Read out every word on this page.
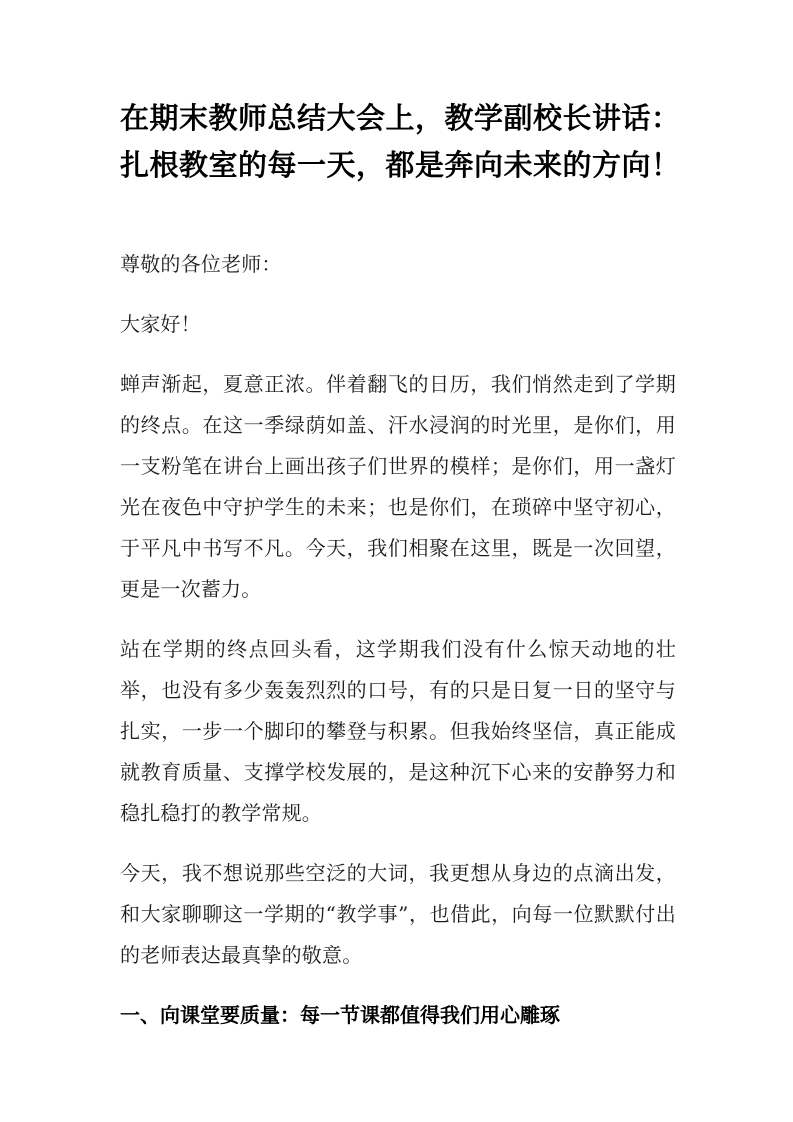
在期末教师总结大会上，教学副校长讲话：
扎根教室的每一天，都是奔向未来的方向！

尊敬的各位老师：

大家好！

蝉声渐起，夏意正浓。伴着翻飞的日历，我们悄然走到了学期的终点。在这一季绿荫如盖、汗水浸润的时光里，是你们，用一支粉笔在讲台上画出孩子们世界的模样；是你们，用一盏灯光在夜色中守护学生的未来；也是你们，在琐碎中坚守初心，于平凡中书写不凡。今天，我们相聚在这里，既是一次回望，更是一次蓄力。

站在学期的终点回头看，这学期我们没有什么惊天动地的壮举，也没有多少轰轰烈烈的口号，有的只是日复一日的坚守与扎实，一步一个脚印的攀登与积累。但我始终坚信，真正能成就教育质量、支撑学校发展的，是这种沉下心来的安静努力和稳扎稳打的教学常规。

今天，我不想说那些空泛的大词，我更想从身边的点滴出发，和大家聊聊这一学期的“教学事”，也借此，向每一位默默付出的老师表达最真挚的敬意。

一、向课堂要质量：每一节课都值得我们用心雕琢
